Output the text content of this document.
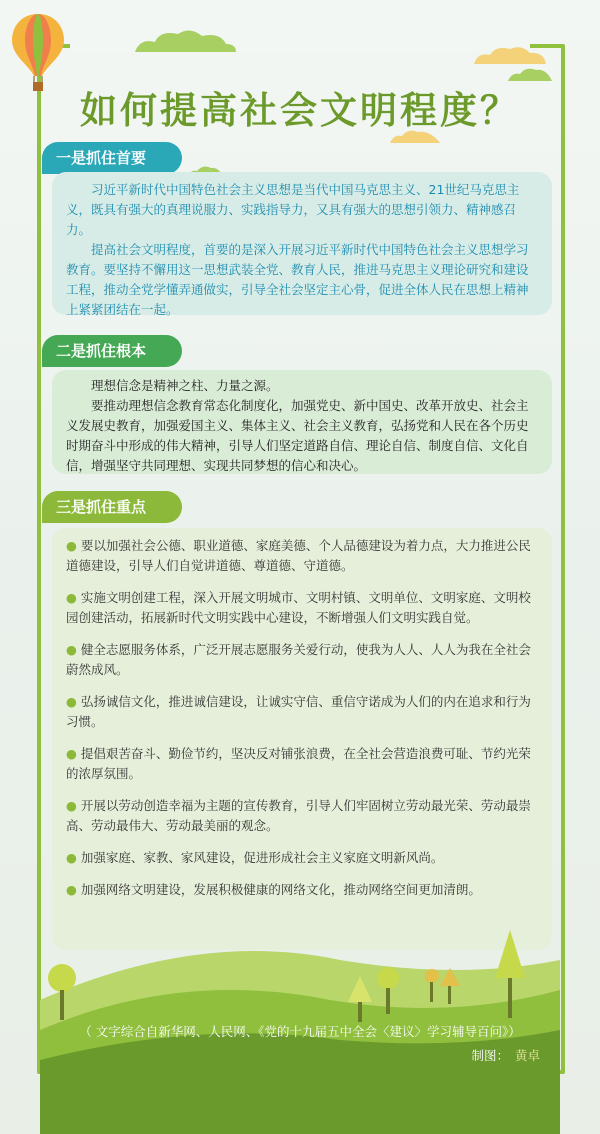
如何提高社会文明程度？
一是抓住首要

习近平新时代中国特色社会主义思想是当代中国马克思主义、21世纪马克思主义，既具有强大的真理说服力、实践指导力，又具有强大的思想引领力、精神感召力。

提高社会文明程度，首要的是深入开展习近平新时代中国特色社会主义思想学习教育。要坚持不懈用这一思想武装全党、教育人民，推进马克思主义理论研究和建设工程，推动全党学懂弄通做实，引导全社会坚定主心骨，促进全体人民在思想上精神上紧紧团结在一起。

二是抓住根本

理想信念是精神之柱、力量之源。

要推动理想信念教育常态化制度化，加强党史、新中国史、改革开放史、社会主义发展史教育，加强爱国主义、集体主义、社会主义教育，弘扬党和人民在各个历史时期奋斗中形成的伟大精神，引导人们坚定道路自信、理论自信、制度自信、文化自信，增强坚守共同理想、实现共同梦想的信心和决心。

三是抓住重点

● 要以加强社会公德、职业道德、家庭美德、个人品德建设为着力点，大力推进公民道德建设，引导人们自觉讲道德、尊道德、守道德。

● 实施文明创建工程，深入开展文明城市、文明村镇、文明单位、文明家庭、文明校园创建活动，拓展新时代文明实践中心建设，不断增强人们文明实践自觉。

● 健全志愿服务体系，广泛开展志愿服务关爱行动，使我为人人、人人为我在全社会蔚然成风。

● 弘扬诚信文化，推进诚信建设，让诚实守信、重信守诺成为人们的内在追求和行为习惯。

● 提倡艰苦奋斗、勤俭节约，坚决反对铺张浪费，在全社会营造浪费可耻、节约光荣的浓厚氛围。

● 开展以劳动创造幸福为主题的宣传教育，引导人们牢固树立劳动最光荣、劳动最崇高、劳动最伟大、劳动最美丽的观念。

● 加强家庭、家教、家风建设，促进形成社会主义家庭文明新风尚。

● 加强网络文明建设，发展积极健康的网络文化，推动网络空间更加清朗。

（ 文字综合自新华网、人民网、《党的十九届五中全会〈建议〉学习辅导百问》）
制图： 黄卓
